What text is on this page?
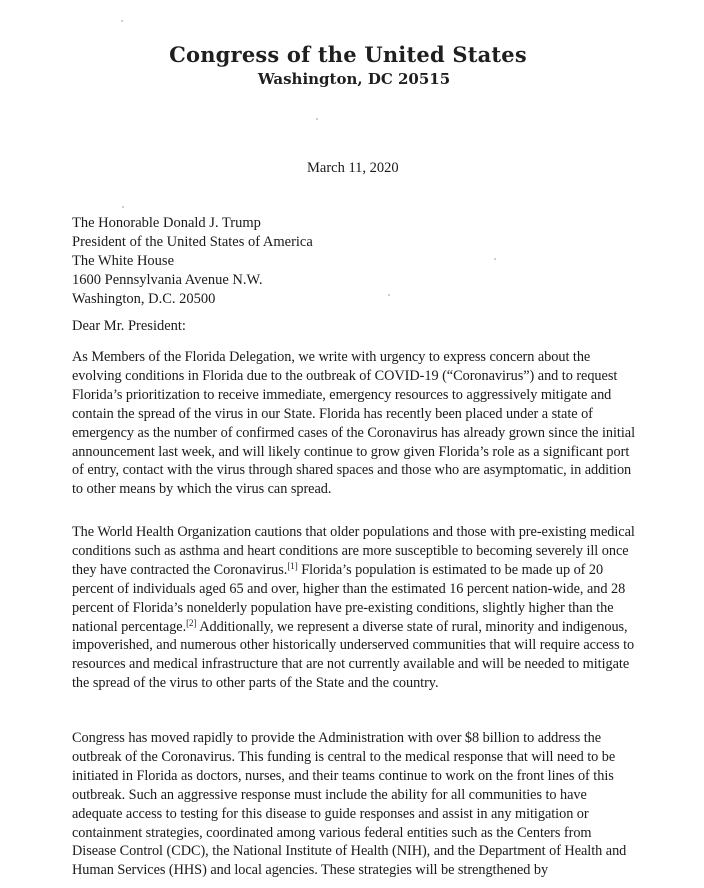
Congress of the United States
Washington, DC 20515
March 11, 2020
The Honorable Donald J. Trump
President of the United States of America
The White House
1600 Pennsylvania Avenue N.W.
Washington, D.C. 20500
Dear Mr. President:
As Members of the Florida Delegation, we write with urgency to express concern about the evolving conditions in Florida due to the outbreak of COVID-19 (“Coronavirus”) and to request Florida’s prioritization to receive immediate, emergency resources to aggressively mitigate and contain the spread of the virus in our State. Florida has recently been placed under a state of emergency as the number of confirmed cases of the Coronavirus has already grown since the initial announcement last week, and will likely continue to grow given Florida’s role as a significant port of entry, contact with the virus through shared spaces and those who are asymptomatic, in addition to other means by which the virus can spread.
The World Health Organization cautions that older populations and those with pre-existing medical conditions such as asthma and heart conditions are more susceptible to becoming severely ill once they have contracted the Coronavirus.[1] Florida’s population is estimated to be made up of 20 percent of individuals aged 65 and over, higher than the estimated 16 percent nation-wide, and 28 percent of Florida’s nonelderly population have pre-existing conditions, slightly higher than the national percentage.[2] Additionally, we represent a diverse state of rural, minority and indigenous, impoverished, and numerous other historically underserved communities that will require access to resources and medical infrastructure that are not currently available and will be needed to mitigate the spread of the virus to other parts of the State and the country.
Congress has moved rapidly to provide the Administration with over $8 billion to address the outbreak of the Coronavirus. This funding is central to the medical response that will need to be initiated in Florida as doctors, nurses, and their teams continue to work on the front lines of this outbreak. Such an aggressive response must include the ability for all communities to have adequate access to testing for this disease to guide responses and assist in any mitigation or containment strategies, coordinated among various federal entities such as the Centers from Disease Control (CDC), the National Institute of Health (NIH), and the Department of Health and Human Services (HHS) and local agencies. These strategies will be strengthened by
